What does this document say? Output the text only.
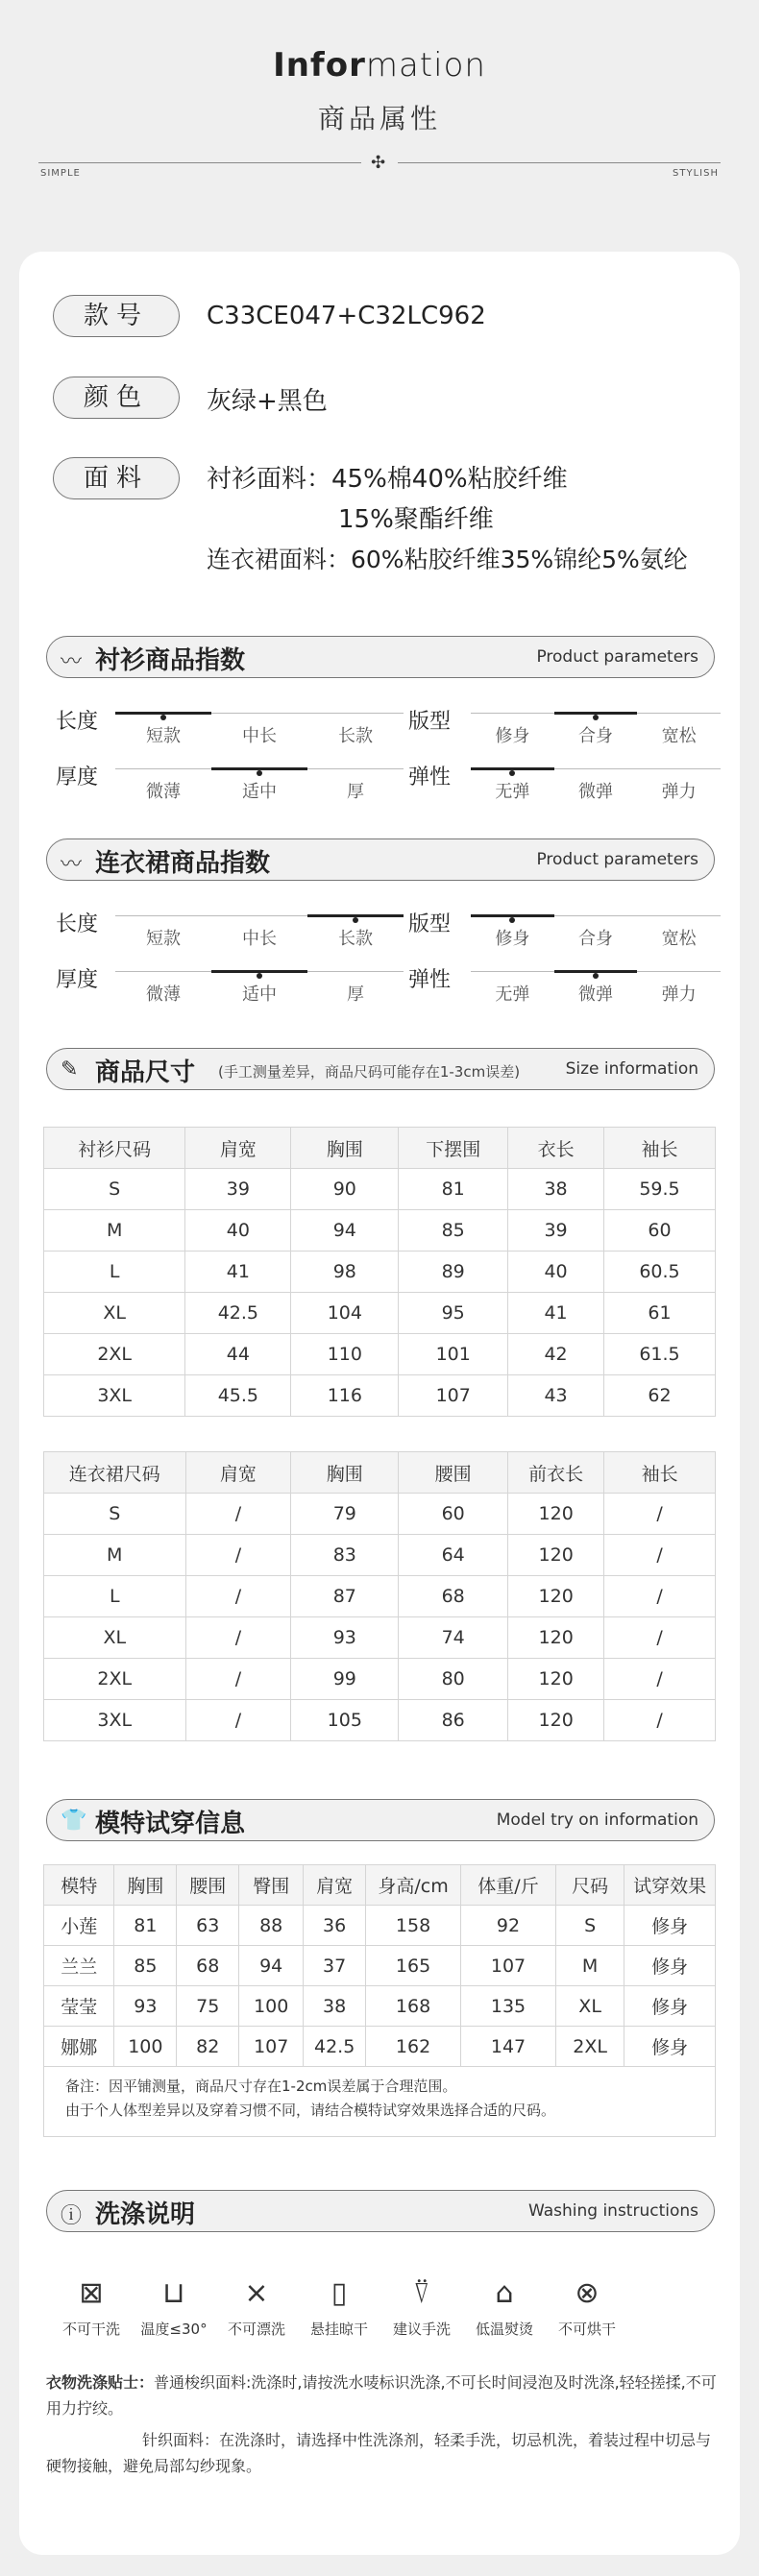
Information
商品属性
✣
SIMPLE	STYLISH
款号	C33CE047+C32LC962
颜色	灰绿+黑色
面料	衬衫面料：45%棉40%粘胶纤维
15%聚酯纤维
连衣裙面料：60%粘胶纤维35%锦纶5%氨纶
〰 衬衫商品指数	Product parameters
长度
短款	中长	长款
版型
修身	合身	宽松
厚度
微薄	适中	厚
弹性
无弹	微弹	弹力
〰 连衣裙商品指数	Product parameters
长度
短款	中长	长款
版型
修身	合身	宽松
厚度
微薄	适中	厚
弹性
无弹	微弹	弹力
✎ 商品尺寸 (手工测量差异，商品尺码可能存在1-3cm误差)	Size information
衬衫尺码	肩宽	胸围	下摆围	衣长	袖长
S	39	90	81	38	59.5
M	40	94	85	39	60
L	41	98	89	40	60.5
XL	42.5	104	95	41	61
2XL	44	110	101	42	61.5
3XL	45.5	116	107	43	62
连衣裙尺码	肩宽	胸围	腰围	前衣长	袖长
S	/	79	60	120	/
M	/	83	64	120	/
L	/	87	68	120	/
XL	/	93	74	120	/
2XL	/	99	80	120	/
3XL	/	105	86	120	/
👕 模特试穿信息	Model try on information
模特	胸围	腰围	臀围	肩宽	身高/cm	体重/斤	尺码	试穿效果
小莲	81	63	88	36	158	92	S	修身
兰兰	85	68	94	37	165	107	M	修身
莹莹	93	75	100	38	168	135	XL	修身
娜娜	100	82	107	42.5	162	147	2XL	修身
备注：因平铺测量，商品尺寸存在1-2cm误差属于合理范围。
由于个人体型差异以及穿着习惯不同，请结合模特试穿效果选择合适的尺码。
ⓘ 洗涤说明	Washing instructions
⊠
不可干洗
⊔
温度≤30°
⨯
不可漂洗
▯
悬挂晾干
⍢
建议手洗
⌂
低温熨烫
⊗
不可烘干
衣物洗涤贴士：普通梭织面料:洗涤时,请按洗水唛标识洗涤,不可长时间浸泡及时洗涤,轻轻搓揉,不可用力拧绞。
针织面料：在洗涤时，请选择中性洗涤剂，轻柔手洗，切忌机洗，着装过程中切忌与硬物接触，避免局部勾纱现象。
